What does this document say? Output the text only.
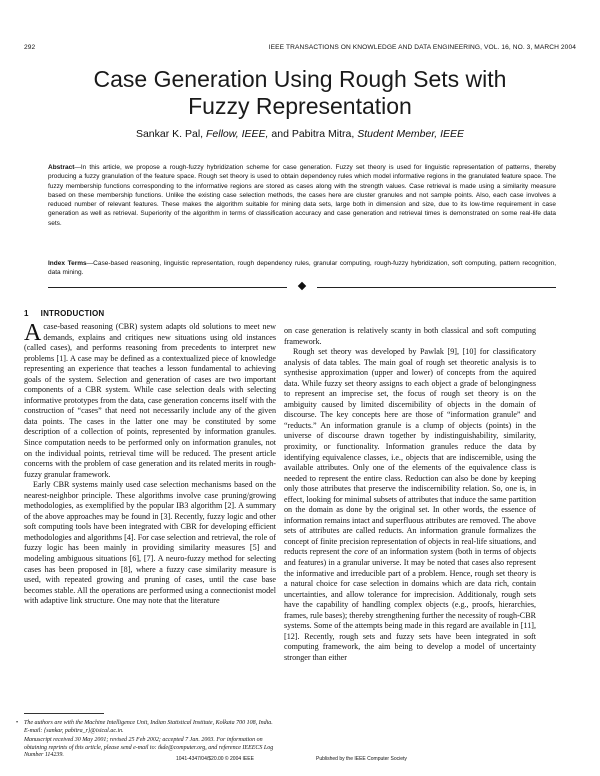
292	IEEE TRANSACTIONS ON KNOWLEDGE AND DATA ENGINEERING, VOL. 16, NO. 3, MARCH 2004
Case Generation Using Rough Sets with
Fuzzy Representation
Sankar K. Pal, Fellow, IEEE, and Pabitra Mitra, Student Member, IEEE
Abstract—In this article, we propose a rough-fuzzy hybridization scheme for case generation. Fuzzy set theory is used for linguistic representation of patterns, thereby producing a fuzzy granulation of the feature space. Rough set theory is used to obtain dependency rules which model informative regions in the granulated feature space. The fuzzy membership functions corresponding to the informative regions are stored as cases along with the strength values. Case retrieval is made using a similarity measure based on these membership functions. Unlike the existing case selection methods, the cases here are cluster granules and not sample points. Also, each case involves a reduced number of relevant features. These makes the algorithm suitable for mining data sets, large both in dimension and size, due to its low-time requirement in case generation as well as retrieval. Superiority of the algorithm in terms of classification accuracy and case generation and retrieval times is demonstrated on some real-life data sets.
Index Terms—Case-based reasoning, linguistic representation, rough dependency rules, granular computing, rough-fuzzy hybridization, soft computing, pattern recognition, data mining.
1 INTRODUCTION

Acase-based reasoning (CBR) system adapts old solutions to meet new demands, explains and critiques new situations using old instances (called cases), and performs reasoning from precedents to interpret new problems [1]. A case may be defined as a contextualized piece of knowledge representing an experience that teaches a lesson fundamental to achieving goals of the system. Selection and generation of cases are two important components of a CBR system. While case selection deals with selecting informative prototypes from the data, case generation concerns itself with the construction of “cases” that need not necessarily include any of the given data points. The cases in the latter one may be constituted by some description of a collection of points, represented by information granules. Since computation needs to be performed only on information granules, not on the individual points, retrieval time will be reduced. The present article concerns with the problem of case generation and its related merits in rough-fuzzy granular framework.

Early CBR systems mainly used case selection mechanisms based on the nearest-neighbor principle. These algorithms involve case pruning/growing methodologies, as exemplified by the popular IB3 algorithm [2]. A summary of the above approaches may be found in [3]. Recently, fuzzy logic and other soft computing tools have been integrated with CBR for developing efficient methodologies and algorithms [4]. For case selection and retrieval, the role of fuzzy logic has been mainly in providing similarity measures [5] and modeling ambiguous situations [6], [7]. A neuro-fuzzy method for selecting cases has been proposed in [8], where a fuzzy case similarity measure is used, with repeated growing and pruning of cases, until the case base becomes stable. All the operations are performed using a connectionist model with adaptive link structure. One may note that the literature

on case generation is relatively scanty in both classical and soft computing framework.

Rough set theory was developed by Pawlak [9], [10] for classificatory analysis of data tables. The main goal of rough set theoretic analysis is to synthesise approximation (upper and lower) of concepts from the aquired data. While fuzzy set theory assigns to each object a grade of belongingness to represent an imprecise set, the focus of rough set theory is on the ambiguity caused by limited discernibility of objects in the domain of discourse. The key concepts here are those of “information granule” and “reducts.” An information granule is a clump of objects (points) in the universe of discourse drawn together by indistinguishability, similarity, proximity, or functionality. Information granules reduce the data by identifying equivalence classes, i.e., objects that are indiscernible, using the available attributes. Only one of the elements of the equivalence class is needed to represent the entire class. Reduction can also be done by keeping only those attributes that preserve the indiscernibility relation. So, one is, in effect, looking for minimal subsets of attributes that induce the same partition on the domain as done by the original set. In other words, the essence of information remains intact and superfluous attributes are removed. The above sets of attributes are called reducts. An information granule formalizes the concept of finite precision representation of objects in real-life situations, and reducts represent the core of an information system (both in terms of objects and features) in a granular universe. It may be noted that cases also represent the informative and irreducible part of a problem. Hence, rough set theory is a natural choice for case selection in domains which are data rich, contain uncertainties, and allow tolerance for imprecision. Additionaly, rough sets have the capability of handling complex objects (e.g., proofs, hierarchies, frames, rule bases); thereby strengthening further the necessity of rough-CBR systems. Some of the attempts being made in this regard are available in [11], [12]. Recently, rough sets and fuzzy sets have been integrated in soft computing framework, the aim being to develop a model of uncertainty stronger than either

• The authors are with the Machine Intelligence Unit, Indian Statistical Institute, Kolkata 700 108, India. E-mail: {sankar, pabitra_r}@isical.ac.in.

Manuscript received 30 May 2001; revised 25 Feb 2002; accepted 7 Jan. 2003. For information on obtaining reprints of this article, please send e-mail to: tkde@computer.org, and reference IEEECS Log Number 114239.

1041-4347/04/$20.00 © 2004 IEEE	Published by the IEEE Computer Society
